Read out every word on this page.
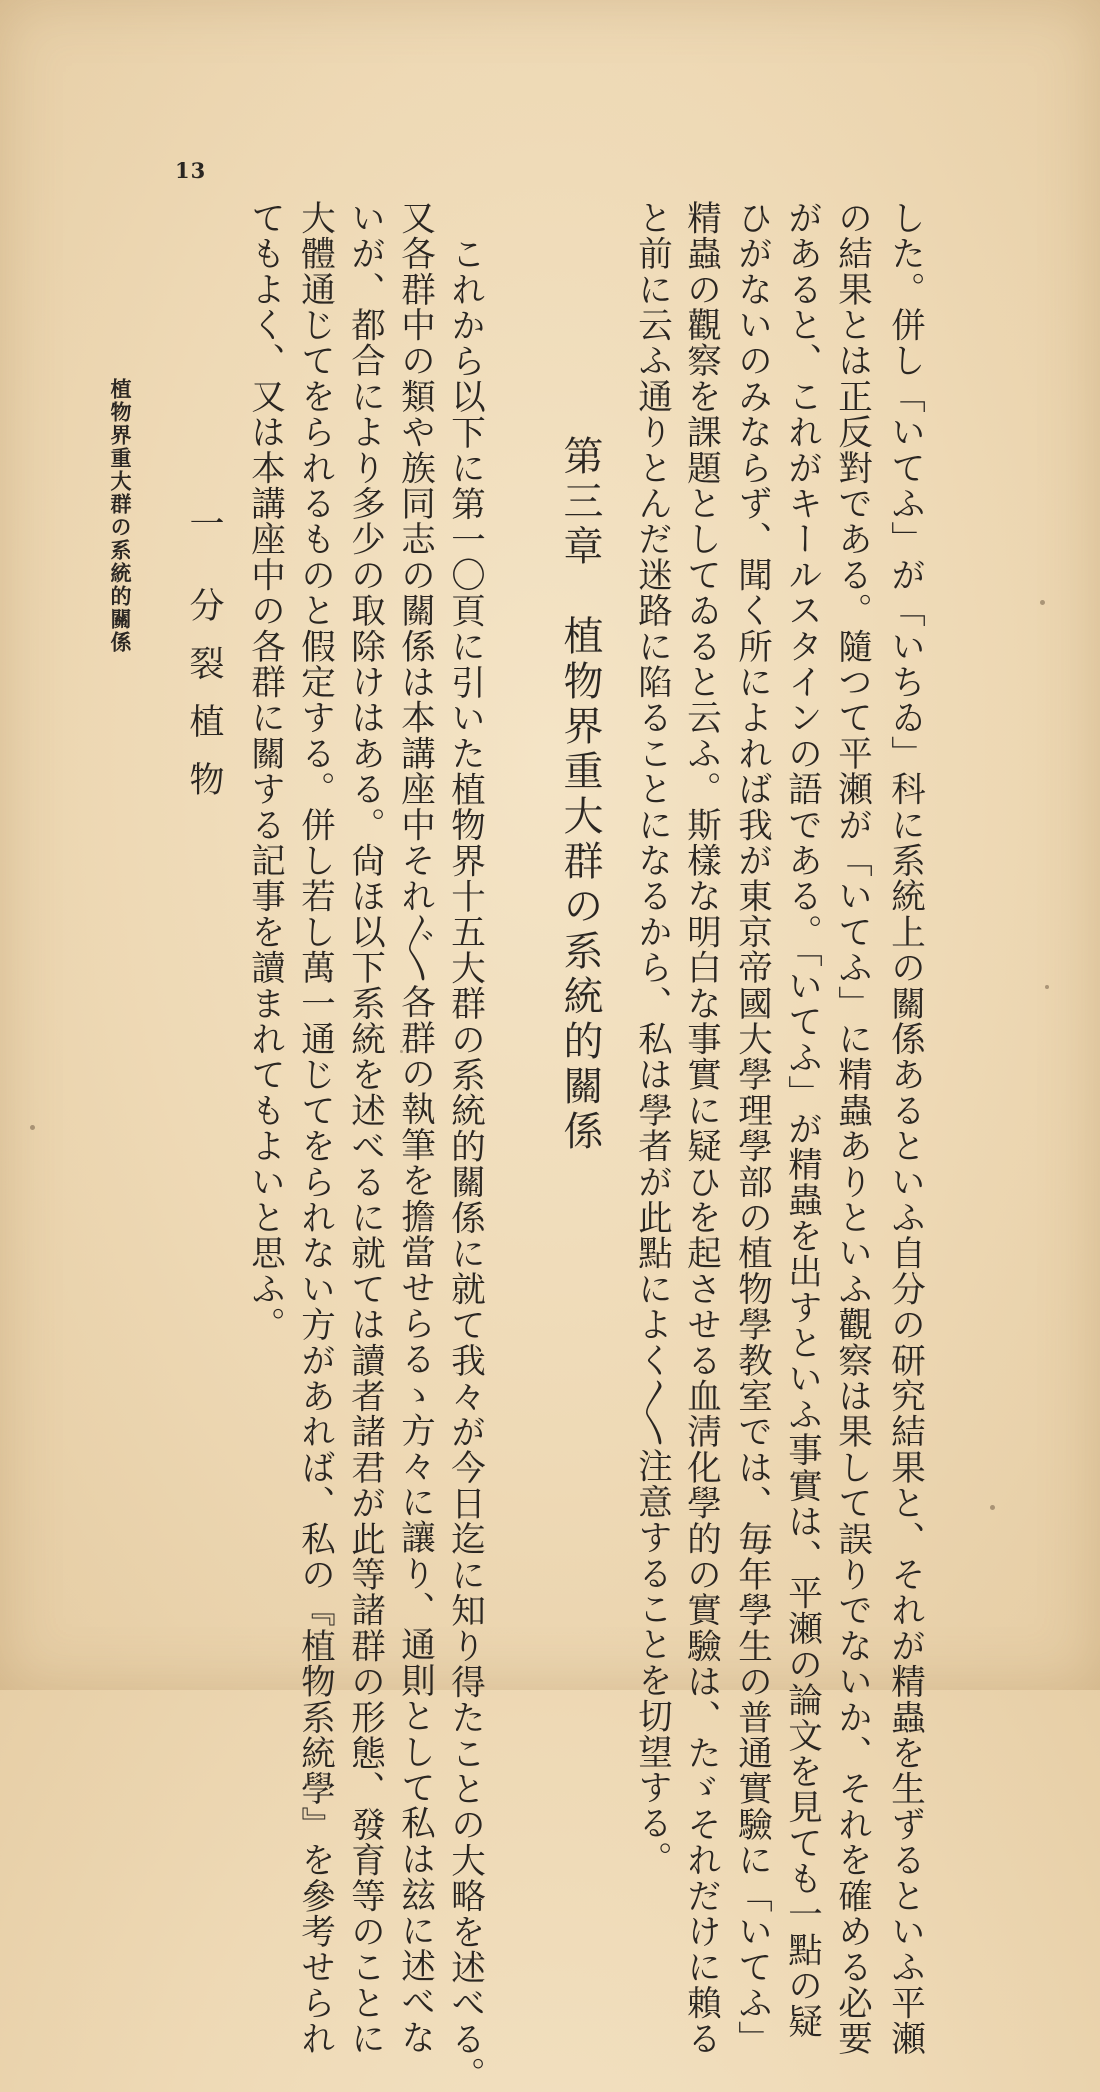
13
した。併し「いてふ」が「いちゐ」科に系統上の關係あるといふ自分の研究結果と、それが精蟲を生ずるといふ平瀬
の結果とは正反對である。隨つて平瀬が「いてふ」に精蟲ありといふ觀察は果して誤りでないか、それを確める必要
があると、これがキールスタインの語である。「いてふ」が精蟲を出すといふ事實は、平瀬の論文を見ても一點の疑
ひがないのみならず、聞く所によれば我が東京帝國大學理學部の植物學教室では、毎年學生の普通實驗に「いてふ」
精蟲の觀察を課題としてゐると云ふ。斯樣な明白な事實に疑ひを起させる血淸化學的の實驗は、たゞそれだけに賴る
と前に云ふ通りとんだ迷路に陷ることになるから、私は學者が此點によく〳〵注意することを切望する。
第三章　植物界重大群の系統的關係
これから以下に第一〇頁に引いた植物界十五大群の系統的關係に就て我々が今日迄に知り得たことの大略を述べる。
又各群中の類や族同志の關係は本講座中それ〴〵各群の執筆を擔當せらるゝ方々に讓り、通則として私は玆に述べな
いが、都合により多少の取除けはある。尙ほ以下系統を述べるに就ては讀者諸君が此等諸群の形態、發育等のことに
大體通じてをられるものと假定する。併し若し萬一通じてをられない方があれば、私の『植物系統學』を參考せられ
てもよく、又は本講座中の各群に關する記事を讀まれてもよいと思ふ。
一　分 裂 植 物
植物界重大群の系統的關係
